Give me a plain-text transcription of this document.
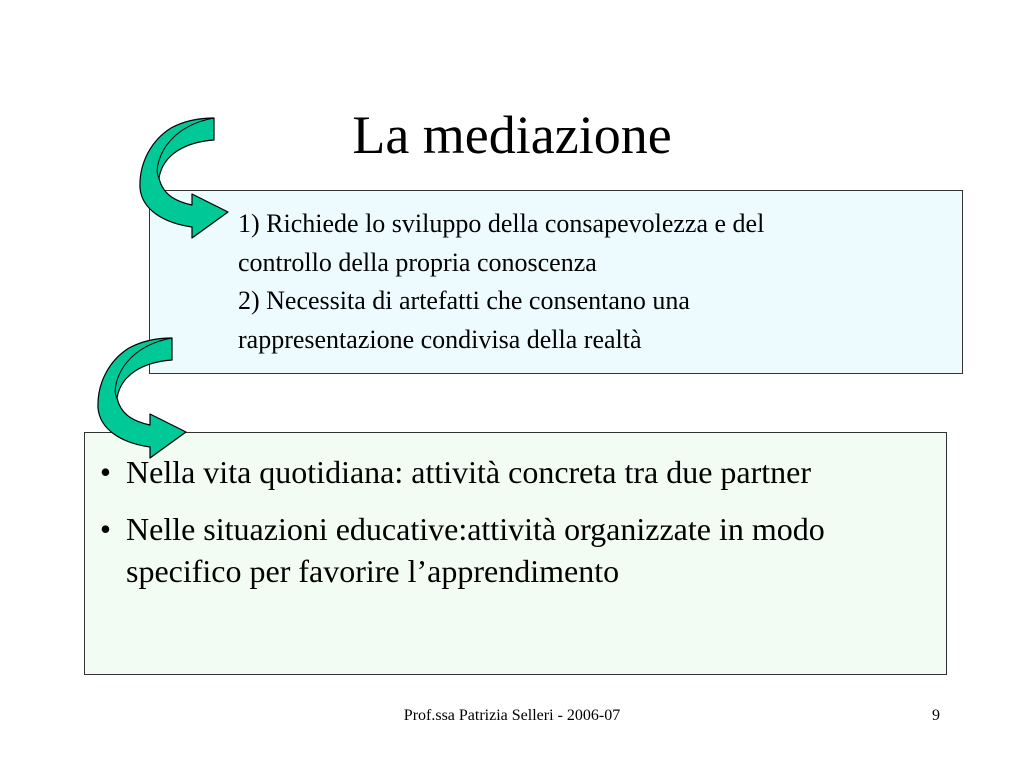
La mediazione
1) Richiede lo sviluppo della consapevolezza e del
controllo della propria conoscenza
2) Necessita di artefatti che consentano una
rappresentazione condivisa della realtà
• Nella vita quotidiana: attività concreta tra due partner
• Nelle situazioni educative:attività organizzate in modo specifico per favorire l’apprendimento
Prof.ssa Patrizia Selleri - 2006-07	9
